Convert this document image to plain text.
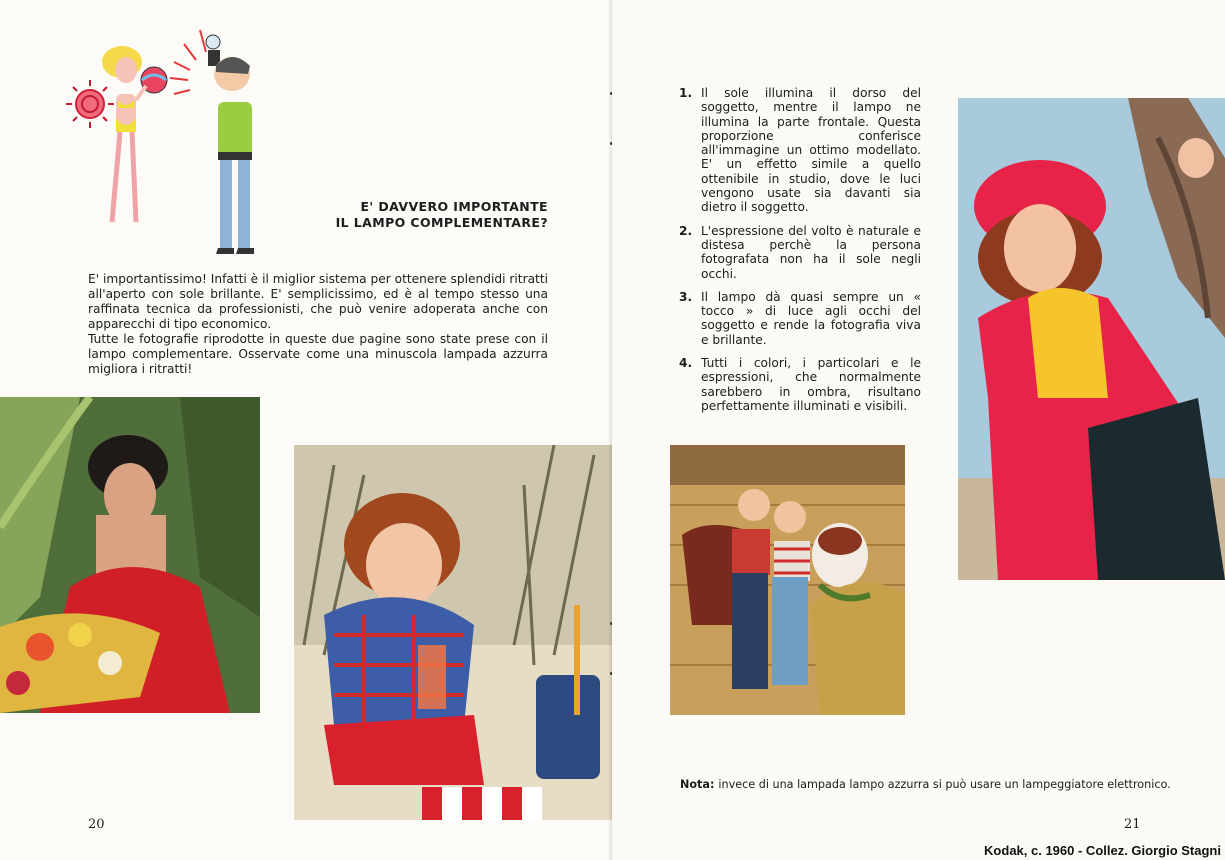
E' DAVVERO IMPORTANTE
IL LAMPO COMPLEMENTARE?

E' importantissimo! Infatti è il miglior sistema per ottenere splendidi ritratti all'aperto con sole brillante. E' semplicissimo, ed è al tempo stesso una raffinata tecnica da professionisti, che può venire adoperata anche con apparecchi di tipo economico.

Tutte le fotografie riprodotte in queste due pagine sono state prese con il lampo complementare. Osservate come una minuscola lampada azzurra migliora i ritratti!

20
1. Il sole illumina il dorso del soggetto, mentre il lampo ne illumina la parte frontale. Questa proporzione conferisce all'immagine un ottimo modellato. E' un effetto simile a quello ottenibile in studio, dove le luci vengono usate sia davanti sia dietro il soggetto.
2. L'espressione del volto è naturale e distesa perchè la persona fotografata non ha il sole negli occhi.
3. Il lampo dà quasi sempre un « tocco » di luce agli occhi del soggetto e rende la fotografia viva e brillante.
4. Tutti i colori, i particolari e le espressioni, che normalmente sarebbero in ombra, risultano perfettamente illuminati e visibili.
Nota: invece di una lampada lampo azzurra si può usare un lampeggiatore elettronico.
21
Kodak, c. 1960 - Collez. Giorgio Stagni
